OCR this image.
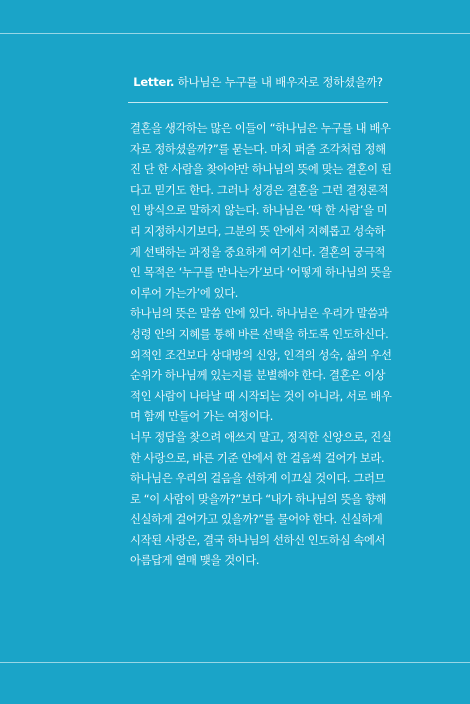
Letter. 하나님은 누구를 내 배우자로 정하셨을까?

결혼을 생각하는 많은 이들이 “하나님은 누구를 내 배우자로 정하셨을까?”를 묻는다. 마치 퍼즐 조각처럼 정해진 단 한 사람을 찾아야만 하나님의 뜻에 맞는 결혼이 된다고 믿기도 한다. 그러나 성경은 결혼을 그런 결정론적인 방식으로 말하지 않는다. 하나님은 ‘딱 한 사람’을 미리 지정하시기보다, 그분의 뜻 안에서 지혜롭고 성숙하게 선택하는 과정을 중요하게 여기신다. 결혼의 궁극적인 목적은 ‘누구를 만나는가’보다 ‘어떻게 하나님의 뜻을 이루어 가는가’에 있다.

하나님의 뜻은 말씀 안에 있다. 하나님은 우리가 말씀과 성령 안의 지혜를 통해 바른 선택을 하도록 인도하신다. 외적인 조건보다 상대방의 신앙, 인격의 성숙, 삶의 우선순위가 하나님께 있는지를 분별해야 한다. 결혼은 이상적인 사람이 나타날 때 시작되는 것이 아니라, 서로 배우며 함께 만들어 가는 여정이다.

너무 정답을 찾으려 애쓰지 말고, 정직한 신앙으로, 진실한 사랑으로, 바른 기준 안에서 한 걸음씩 걸어가 보라. 하나님은 우리의 걸음을 선하게 이끄실 것이다. 그러므로 “이 사람이 맞을까?”보다 “내가 하나님의 뜻을 향해 신실하게 걸어가고 있을까?”를 물어야 한다. 신실하게 시작된 사랑은, 결국 하나님의 선하신 인도하심 속에서 아름답게 열매 맺을 것이다.
